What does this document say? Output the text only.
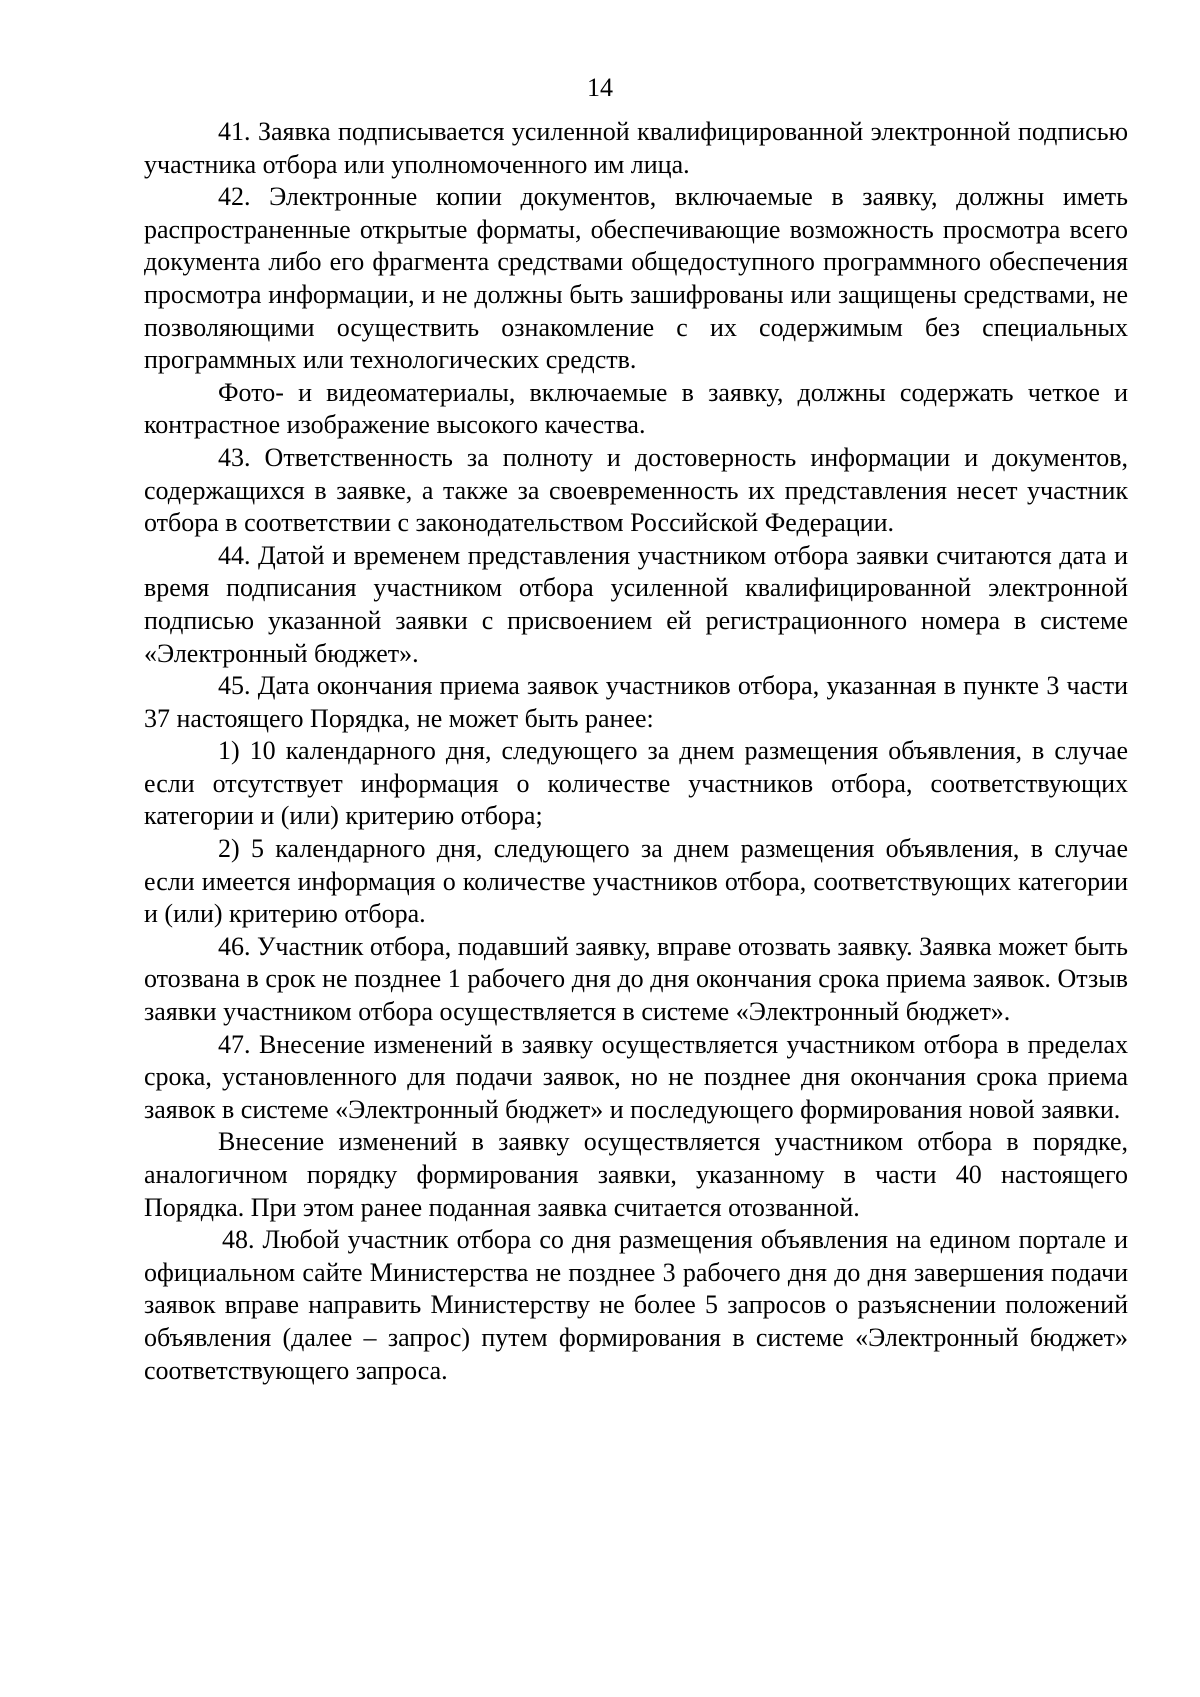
14

41. Заявка подписывается усиленной квалифицированной электронной подписью участника отбора или уполномоченного им лица.

42. Электронные копии документов, включаемые в заявку, должны иметь распространенные открытые форматы, обеспечивающие возможность просмотра всего документа либо его фрагмента средствами общедоступного программного обеспечения просмотра информации, и не должны быть зашифрованы или защищены средствами, не позволяющими осуществить ознакомление с их содержимым без специальных программных или технологических средств.

Фото- и видеоматериалы, включаемые в заявку, должны содержать четкое и контрастное изображение высокого качества.

43. Ответственность за полноту и достоверность информации и документов, содержащихся в заявке, а также за своевременность их представления несет участник отбора в соответствии с законодательством Российской Федерации.

44. Датой и временем представления участником отбора заявки считаются дата и время подписания участником отбора усиленной квалифицированной электронной подписью указанной заявки с присвоением ей регистрационного номера в системе «Электронный бюджет».

45. Дата окончания приема заявок участников отбора, указанная в пункте 3 части 37 настоящего Порядка, не может быть ранее:

1) 10 календарного дня, следующего за днем размещения объявления, в случае если отсутствует информация о количестве участников отбора, соответствующих категории и (или) критерию отбора;

2) 5 календарного дня, следующего за днем размещения объявления, в случае если имеется информация о количестве участников отбора, соответствующих категории и (или) критерию отбора.

46. Участник отбора, подавший заявку, вправе отозвать заявку. Заявка может быть отозвана в срок не позднее 1 рабочего дня до дня окончания срока приема заявок. Отзыв заявки участником отбора осуществляется в системе «Электронный бюджет».

47. Внесение изменений в заявку осуществляется участником отбора в пределах срока, установленного для подачи заявок, но не позднее дня окончания срока приема заявок в системе «Электронный бюджет» и последующего формирования новой заявки.

Внесение изменений в заявку осуществляется участником отбора в порядке, аналогичном порядку формирования заявки, указанному в части 40 настоящего Порядка. При этом ранее поданная заявка считается отозванной.

48. Любой участник отбора со дня размещения объявления на едином портале и официальном сайте Министерства не позднее 3 рабочего дня до дня завершения подачи заявок вправе направить Министерству не более 5 запросов о разъяснении положений объявления (далее – запрос) путем формирования в системе «Электронный бюджет» соответствующего запроса.
